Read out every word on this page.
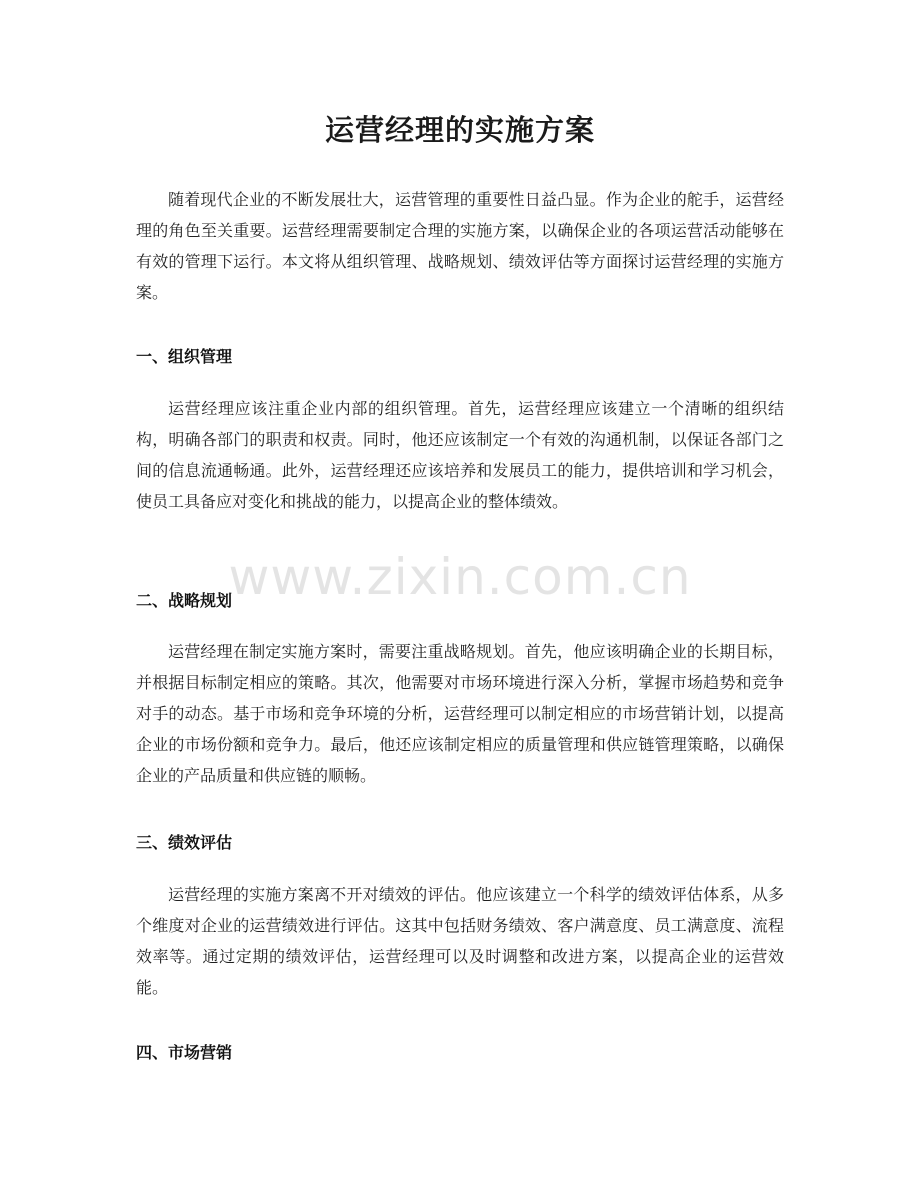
运营经理的实施方案

随着现代企业的不断发展壮大，运营管理的重要性日益凸显。作为企业的舵手，运营经理的角色至关重要。运营经理需要制定合理的实施方案，以确保企业的各项运营活动能够在有效的管理下运行。本文将从组织管理、战略规划、绩效评估等方面探讨运营经理的实施方案。

一、组织管理

运营经理应该注重企业内部的组织管理。首先，运营经理应该建立一个清晰的组织结构，明确各部门的职责和权责。同时，他还应该制定一个有效的沟通机制，以保证各部门之间的信息流通畅通。此外，运营经理还应该培养和发展员工的能力，提供培训和学习机会，使员工具备应对变化和挑战的能力，以提高企业的整体绩效。

www.zixin.com.cn
二、战略规划

运营经理在制定实施方案时，需要注重战略规划。首先，他应该明确企业的长期目标，并根据目标制定相应的策略。其次，他需要对市场环境进行深入分析，掌握市场趋势和竞争对手的动态。基于市场和竞争环境的分析，运营经理可以制定相应的市场营销计划，以提高企业的市场份额和竞争力。最后，他还应该制定相应的质量管理和供应链管理策略，以确保企业的产品质量和供应链的顺畅。

三、绩效评估

运营经理的实施方案离不开对绩效的评估。他应该建立一个科学的绩效评估体系，从多个维度对企业的运营绩效进行评估。这其中包括财务绩效、客户满意度、员工满意度、流程效率等。通过定期的绩效评估，运营经理可以及时调整和改进方案，以提高企业的运营效能。

四、市场营销
